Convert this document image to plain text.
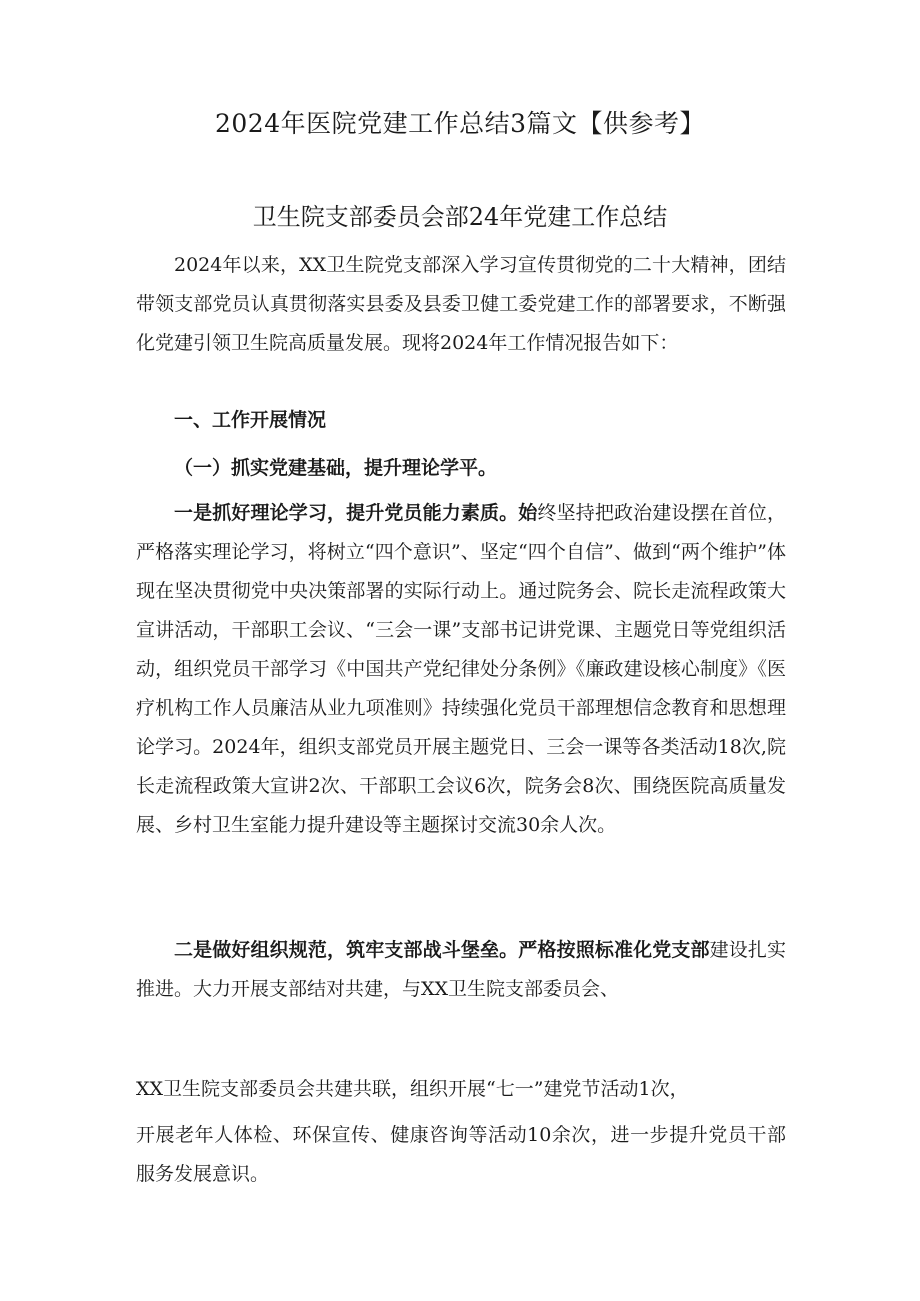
2024年医院党建工作总结3篇文【供参考】
卫生院支部委员会部24年党建工作总结

2024年以来，XX卫生院党支部深入学习宣传贯彻党的二十大精神，团结带领支部党员认真贯彻落实县委及县委卫健工委党建工作的部署要求，不断强化党建引领卫生院高质量发展。现将2024年工作情况报告如下：

一、工作开展情况

（一）抓实党建基础，提升理论学平。

一是抓好理论学习，提升党员能力素质。始终坚持把政治建设摆在首位，严格落实理论学习，将树立“四个意识”、坚定“四个自信”、做到“两个维护”体现在坚决贯彻党中央决策部署的实际行动上。通过院务会、院长走流程政策大宣讲活动，干部职工会议、“三会一课”支部书记讲党课、主题党日等党组织活动，组织党员干部学习《中国共产党纪律处分条例》《廉政建设核心制度》《医疗机构工作人员廉洁从业九项准则》持续强化党员干部理想信念教育和思想理论学习。2024年，组织支部党员开展主题党日、三会一课等各类活动18次,院长走流程政策大宣讲2次、干部职工会议6次，院务会8次、围绕医院高质量发展、乡村卫生室能力提升建设等主题探讨交流30余人次。

二是做好组织规范，筑牢支部战斗堡垒。严格按照标准化党支部建设扎实推进。大力开展支部结对共建，与XX卫生院支部委员会、

XX卫生院支部委员会共建共联，组织开展“七一”建党节活动1次，

开展老年人体检、环保宣传、健康咨询等活动10余次，进一步提升党员干部服务发展意识。
